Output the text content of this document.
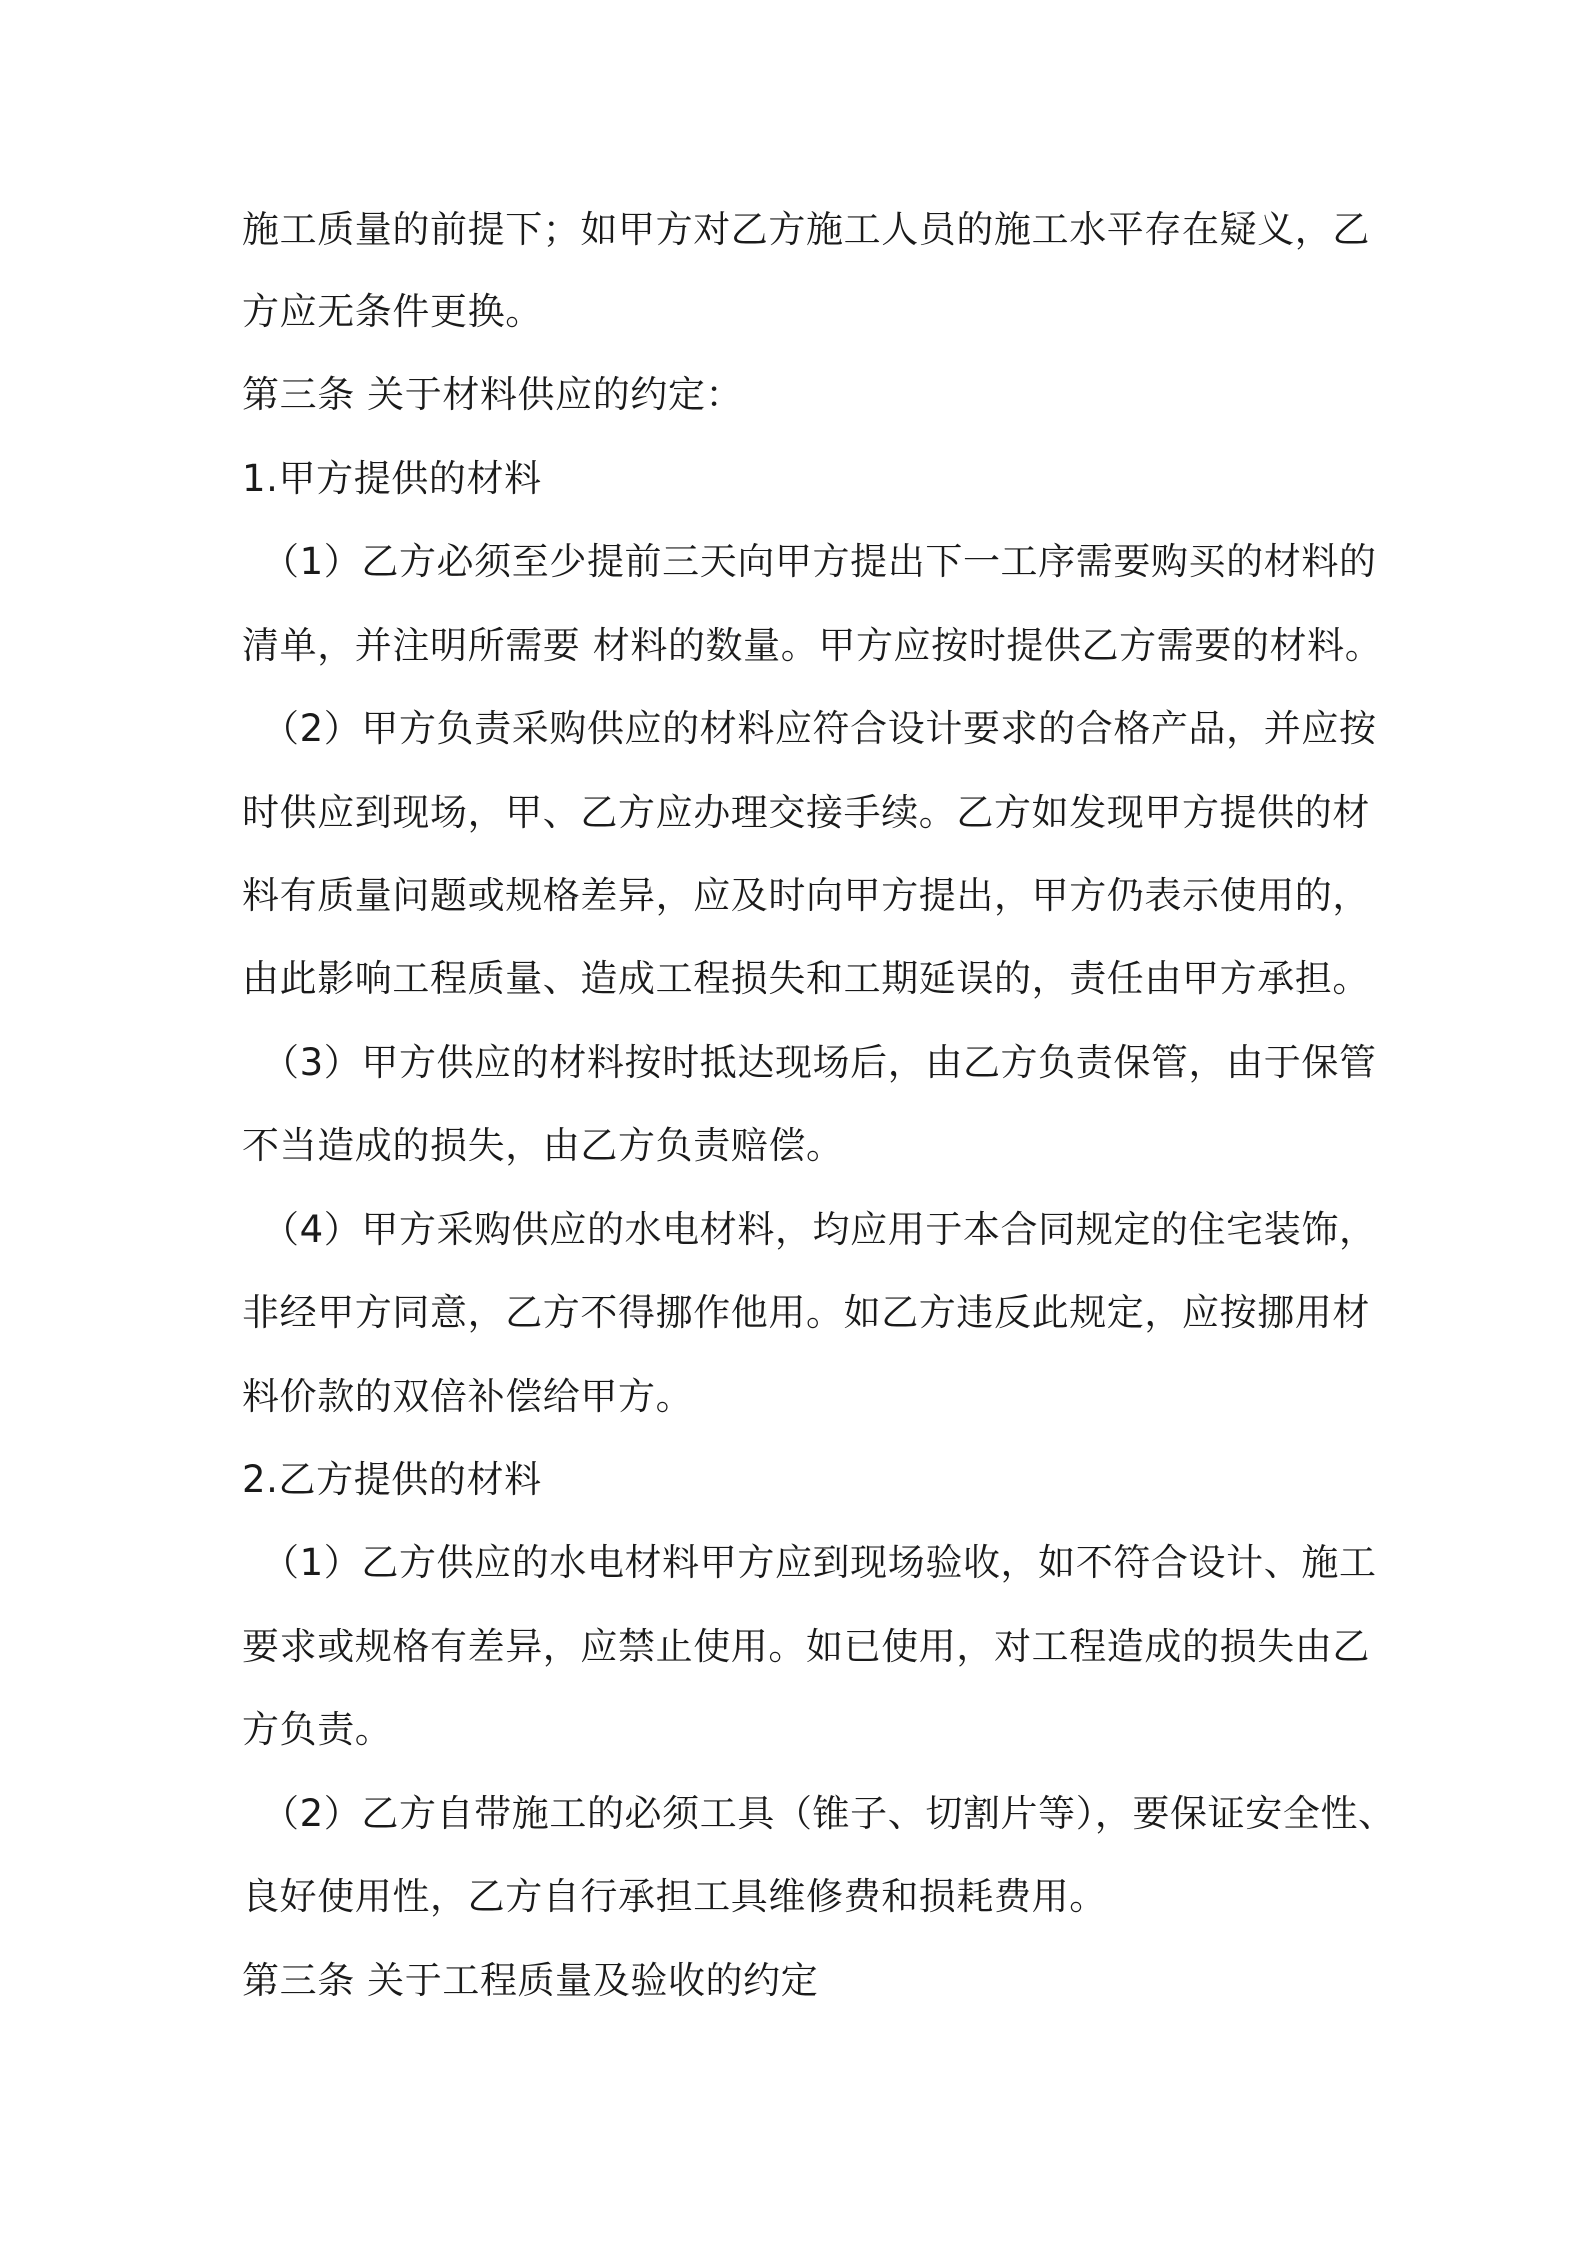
施工质量的前提下；如甲方对乙方施工人员的施工水平存在疑义，乙

方应无条件更换。

第三条 关于材料供应的约定：

1.甲方提供的材料

（1）乙方必须至少提前三天向甲方提出下一工序需要购买的材料的

清单，并注明所需要 材料的数量。甲方应按时提供乙方需要的材料。

（2）甲方负责采购供应的材料应符合设计要求的合格产品，并应按

时供应到现场，甲、乙方应办理交接手续。乙方如发现甲方提供的材

料有质量问题或规格差异，应及时向甲方提出，甲方仍表示使用的，

由此影响工程质量、造成工程损失和工期延误的，责任由甲方承担。

（3）甲方供应的材料按时抵达现场后，由乙方负责保管，由于保管

不当造成的损失，由乙方负责赔偿。

（4）甲方采购供应的水电材料，均应用于本合同规定的住宅装饰，

非经甲方同意，乙方不得挪作他用。如乙方违反此规定，应按挪用材

料价款的双倍补偿给甲方。

2.乙方提供的材料

（1）乙方供应的水电材料甲方应到现场验收，如不符合设计、施工

要求或规格有差异，应禁止使用。如已使用，对工程造成的损失由乙

方负责。

（2）乙方自带施工的必须工具（锥子、切割片等），要保证安全性、

良好使用性，乙方自行承担工具维修费和损耗费用。

第三条 关于工程质量及验收的约定
